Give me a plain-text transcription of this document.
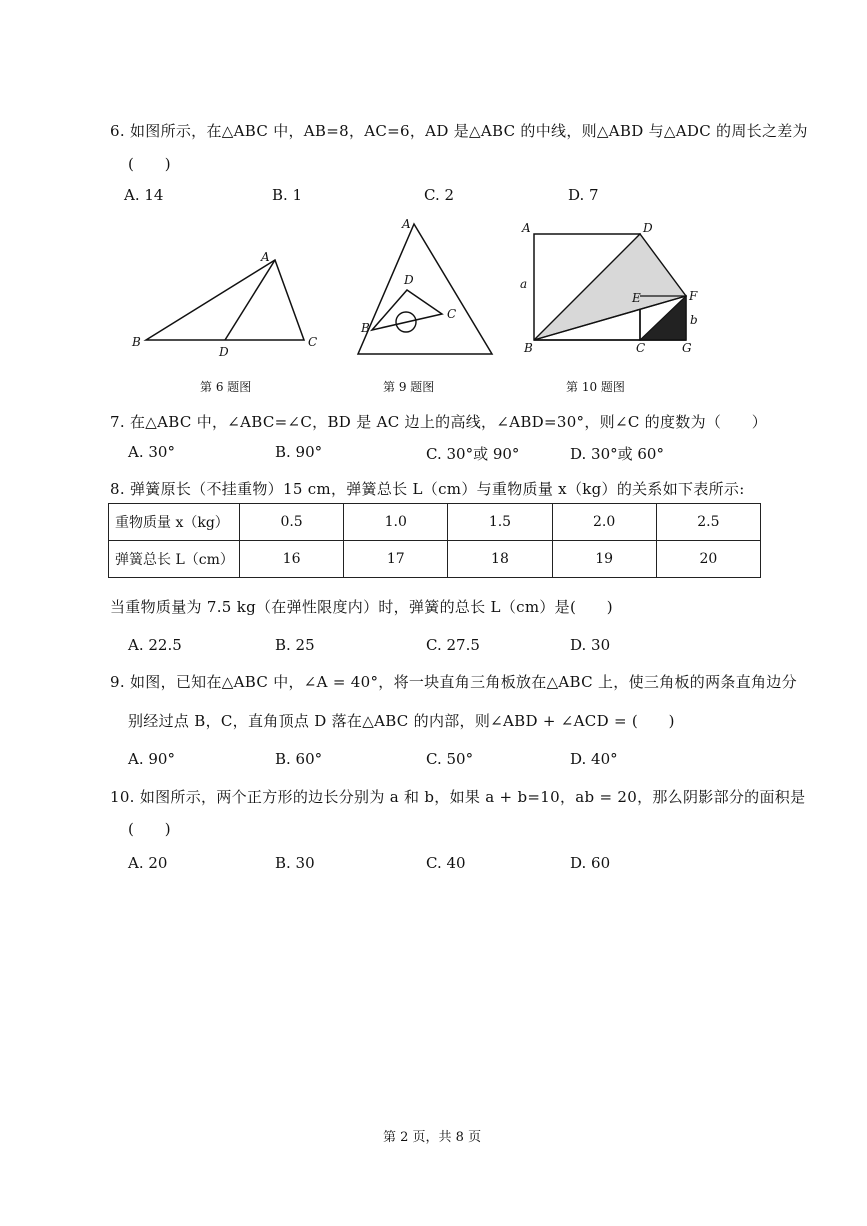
6. 如图所示，在△ABC 中，AB=8，AC=6，AD 是△ABC 的中线，则△ABD 与△ADC 的周长之差为
(　　)
A. 14	B. 1	C. 2	D. 7
A
B	C
D
第 6 题图
A
D
B
C
第 9 题图
A	D
a
E	F
b
B	C	G
第 10 题图
7. 在△ABC 中，∠ABC=∠C，BD 是 AC 边上的高线，∠ABD=30°，则∠C 的度数为（　　）
A. 30°	B. 90°	C. 30°或 90°	D. 30°或 60°
8. 弹簧原长（不挂重物）15 cm，弹簧总长 L（cm）与重物质量 x（kg）的关系如下表所示:
重物质量 x（kg）	0.5	1.0	1.5	2.0	2.5
弹簧总长 L（cm）	16	17	18	19	20
当重物质量为 7.5 kg（在弹性限度内）时，弹簧的总长 L（cm）是(　　)
A. 22.5	B. 25	C. 27.5	D. 30
9. 如图，已知在△ABC 中，∠A = 40°，将一块直角三角板放在△ABC 上，使三角板的两条直角边分
别经过点 B，C，直角顶点 D 落在△ABC 的内部，则∠ABD + ∠ACD = (　　)
A. 90°	B. 60°	C. 50°	D. 40°
10. 如图所示，两个正方形的边长分别为 a 和 b，如果 a + b=10，ab = 20，那么阴影部分的面积是
(　　)
A. 20	B. 30	C. 40	D. 60
第 2 页，共 8 页
